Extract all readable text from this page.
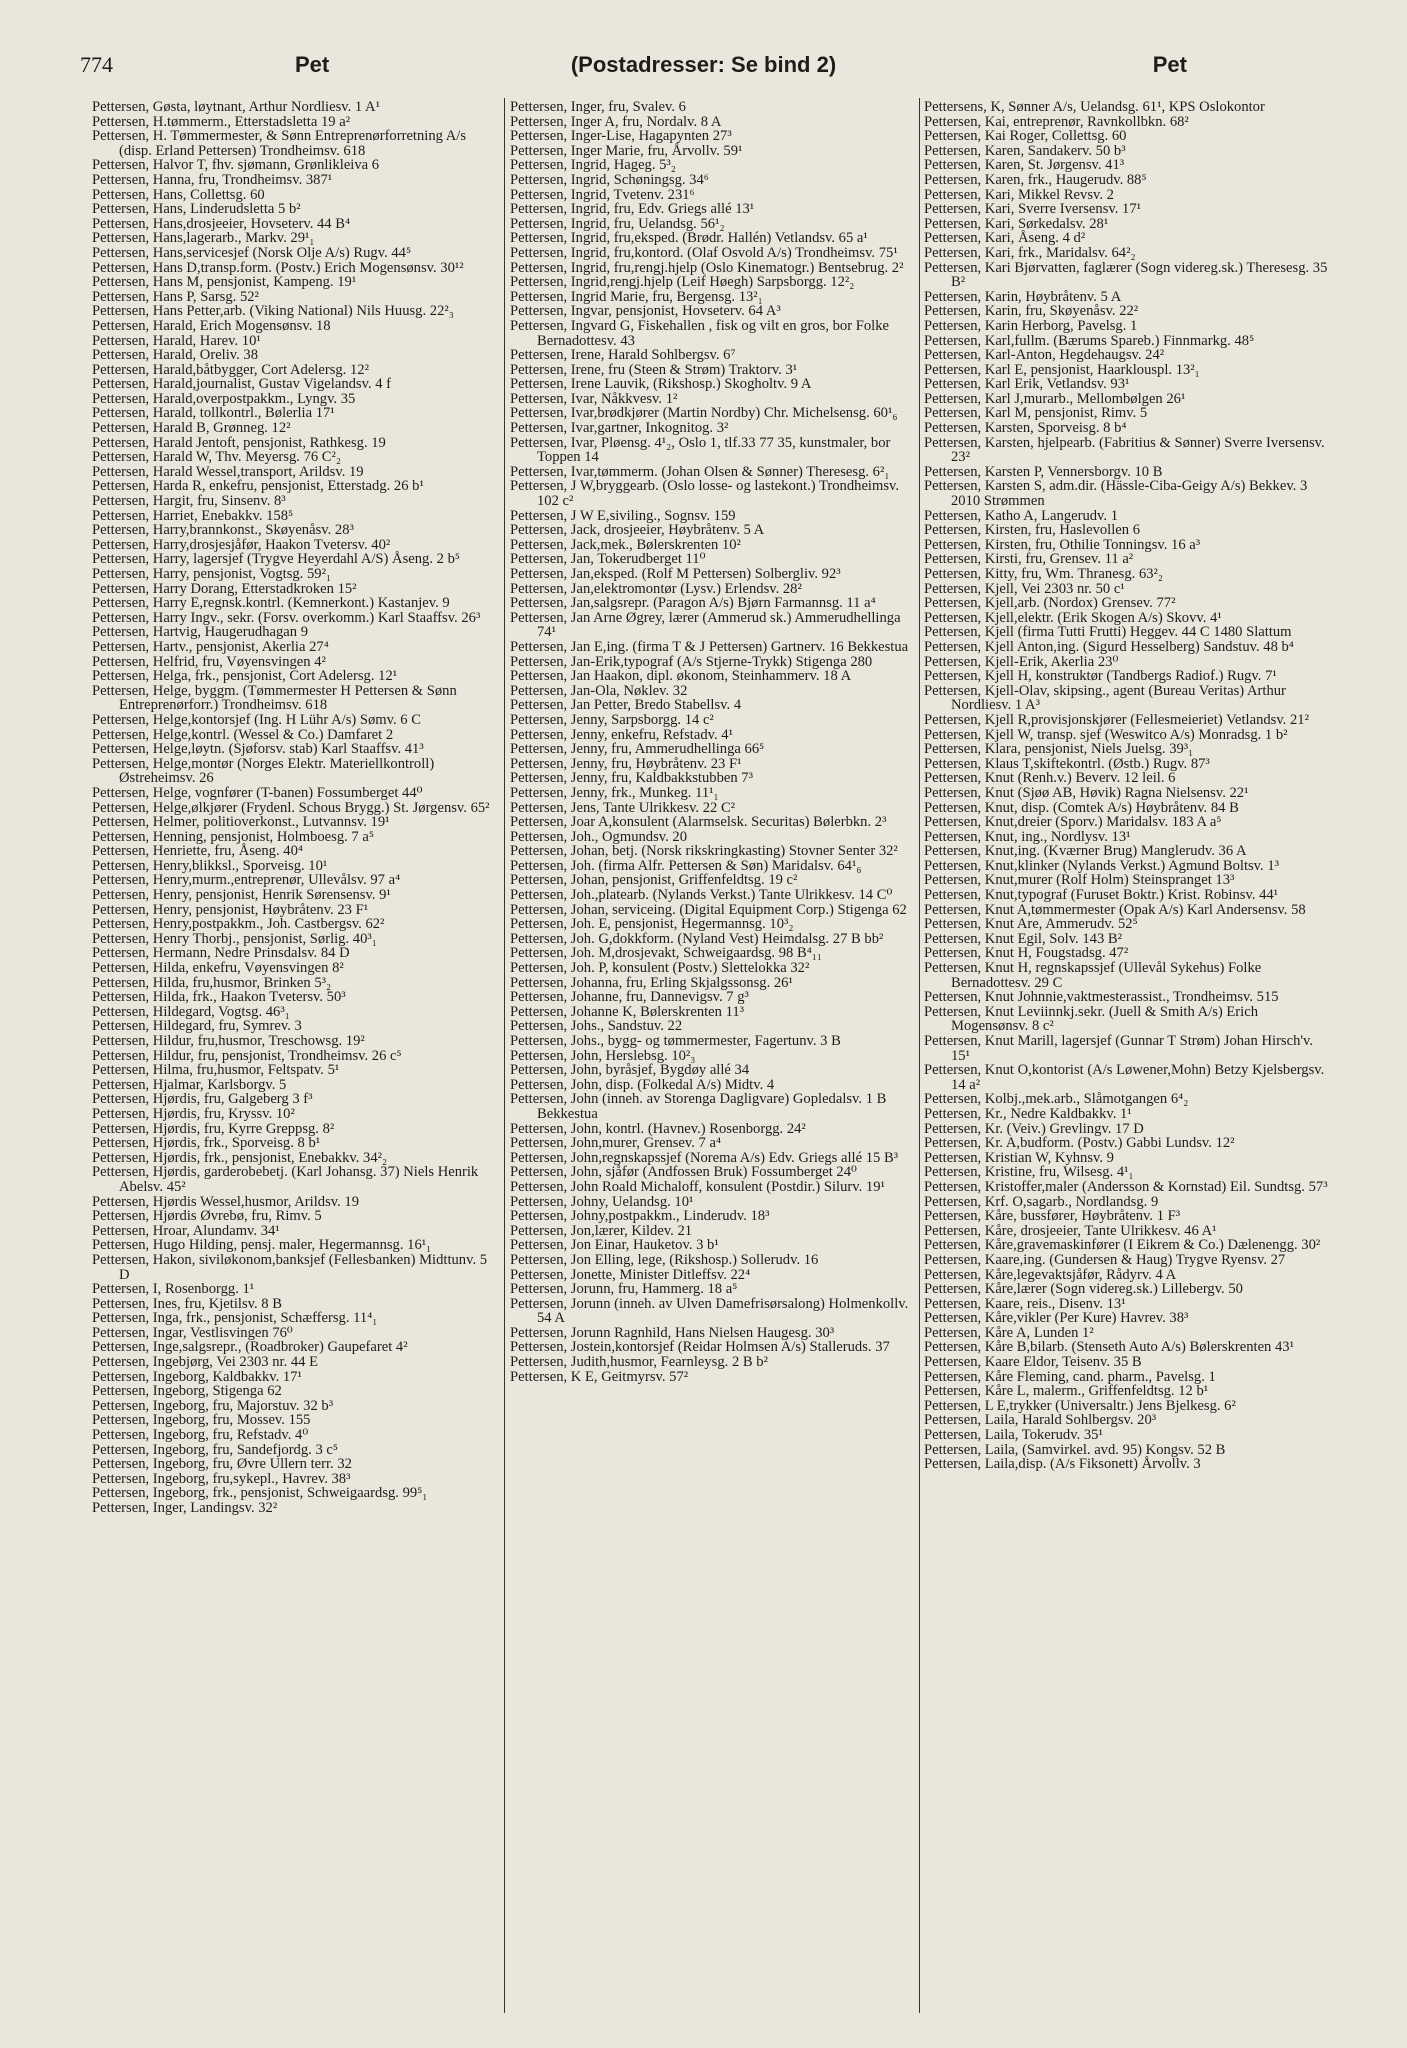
774	Pet	(Postadresser: Se bind 2)	Pet
Pettersen, Gøsta, løytnant, Arthur Nordliesv. 1 A¹
Pettersen, H.tømmerm., Etterstadsletta 19 a²
Pettersen, H. Tømmermester, & Sønn Entreprenørforretning A/s (disp. Erland Pettersen) Trondheimsv. 618
Pettersen, Halvor T, fhv. sjømann, Grønlikleiva 6
Pettersen, Hanna, fru, Trondheimsv. 387¹
Pettersen, Hans, Collettsg. 60
Pettersen, Hans, Linderudsletta 5 b²
Pettersen, Hans,drosjeeier, Hovseterv. 44 B⁴
Pettersen, Hans,lagerarb., Markv. 29¹₁
Pettersen, Hans,servicesjef (Norsk Olje A/s) Rugv. 44⁵
Pettersen, Hans D,transp.form. (Postv.) Erich Mogensønsv. 30¹²
Pettersen, Hans M, pensjonist, Kampeng. 19¹
Pettersen, Hans P, Sarsg. 52²
Pettersen, Hans Petter,arb. (Viking National) Nils Huusg. 22²₃
Pettersen, Harald, Erich Mogensønsv. 18
Pettersen, Harald, Harev. 10¹
Pettersen, Harald, Oreliv. 38
Pettersen, Harald,båtbygger, Cort Adelersg. 12²
Pettersen, Harald,journalist, Gustav Vigelandsv. 4 f
Pettersen, Harald,overpostpakkm., Lyngv. 35
Pettersen, Harald, tollkontrl., Bølerlia 17¹
Pettersen, Harald B, Grønneg. 12²
Pettersen, Harald Jentoft, pensjonist, Rathkesg. 19
Pettersen, Harald W, Thv. Meyersg. 76 C²₂
Pettersen, Harald Wessel,transport, Arildsv. 19
Pettersen, Harda R, enkefru, pensjonist, Etterstadg. 26 b¹
Pettersen, Hargit, fru, Sinsenv. 8³
Pettersen, Harriet, Enebakkv. 158⁵
Pettersen, Harry,brannkonst., Skøyenåsv. 28³
Pettersen, Harry,drosjesjåfør, Haakon Tvetersv. 40²
Pettersen, Harry, lagersjef (Trygve Heyerdahl A/S) Åseng. 2 b⁵
Pettersen, Harry, pensjonist, Vogtsg. 59²₁
Pettersen, Harry Dorang, Etterstadkroken 15²
Pettersen, Harry E,regnsk.kontrl. (Kemnerkont.) Kastanjev. 9
Pettersen, Harry Ingv., sekr. (Forsv. overkomm.) Karl Staaffsv. 26³
Pettersen, Hartvig, Haugerudhagan 9
Pettersen, Hartv., pensjonist, Akerlia 27⁴
Pettersen, Helfrid, fru, Vøyensvingen 4²
Pettersen, Helga, frk., pensjonist, Cort Adelersg. 12¹
Pettersen, Helge, byggm. (Tømmermester H Pettersen & Sønn Entreprenørforr.) Trondheimsv. 618
Pettersen, Helge,kontorsjef (Ing. H Lühr A/s) Sømv. 6 C
Pettersen, Helge,kontrl. (Wessel & Co.) Damfaret 2
Pettersen, Helge,løytn. (Sjøforsv. stab) Karl Staaffsv. 41³
Pettersen, Helge,montør (Norges Elektr. Materiellkontroll) Østreheimsv. 26
Pettersen, Helge, vognfører (T-banen) Fossumberget 44⁰
Pettersen, Helge,ølkjører (Frydenl. Schous Brygg.) St. Jørgensv. 65²
Pettersen, Helmer, politioverkonst., Lutvannsv. 19¹
Pettersen, Henning, pensjonist, Holmboesg. 7 a⁵
Pettersen, Henriette, fru, Åseng. 40⁴
Pettersen, Henry,blikksl., Sporveisg. 10¹
Pettersen, Henry,murm.,entreprenør, Ullevålsv. 97 a⁴
Pettersen, Henry, pensjonist, Henrik Sørensensv. 9¹
Pettersen, Henry, pensjonist, Høybråtenv. 23 F¹
Pettersen, Henry,postpakkm., Joh. Castbergsv. 62²
Pettersen, Henry Thorbj., pensjonist, Sørlig. 40³₁
Pettersen, Hermann, Nedre Prinsdalsv. 84 D
Pettersen, Hilda, enkefru, Vøyensvingen 8²
Pettersen, Hilda, fru,husmor, Brinken 5³₂
Pettersen, Hilda, frk., Haakon Tvetersv. 50³
Pettersen, Hildegard, Vogtsg. 46³₁
Pettersen, Hildegard, fru, Symrev. 3
Pettersen, Hildur, fru,husmor, Treschowsg. 19²
Pettersen, Hildur, fru, pensjonist, Trondheimsv. 26 c⁵
Pettersen, Hilma, fru,husmor, Feltspatv. 5¹
Pettersen, Hjalmar, Karlsborgv. 5
Pettersen, Hjørdis, fru, Galgeberg 3 f³
Pettersen, Hjørdis, fru, Kryssv. 10²
Pettersen, Hjørdis, fru, Kyrre Greppsg. 8²
Pettersen, Hjørdis, frk., Sporveisg. 8 b¹
Pettersen, Hjørdis, frk., pensjonist, Enebakkv. 34²₂
Pettersen, Hjørdis, garderobebetj. (Karl Johansg. 37) Niels Henrik Abelsv. 45²
Pettersen, Hjørdis Wessel,husmor, Arildsv. 19
Pettersen, Hjørdis Øvrebø, fru, Rimv. 5
Pettersen, Hroar, Alundamv. 34¹
Pettersen, Hugo Hilding, pensj. maler, Hegermannsg. 16¹₁
Pettersen, Hakon, siviløkonom,banksjef (Fellesbanken) Midttunv. 5 D
Pettersen, I, Rosenborgg. 1¹
Pettersen, Ines, fru, Kjetilsv. 8 B
Pettersen, Inga, frk., pensjonist, Schæffersg. 11⁴₁
Pettersen, Ingar, Vestlisvingen 76⁰
Pettersen, Inge,salgsrepr., (Roadbroker) Gaupefaret 4²
Pettersen, Ingebjørg, Vei 2303 nr. 44 E
Pettersen, Ingeborg, Kaldbakkv. 17¹
Pettersen, Ingeborg, Stigenga 62
Pettersen, Ingeborg, fru, Majorstuv. 32 b³
Pettersen, Ingeborg, fru, Mossev. 155
Pettersen, Ingeborg, fru, Refstadv. 4⁰
Pettersen, Ingeborg, fru, Sandefjordg. 3 c⁵
Pettersen, Ingeborg, fru, Øvre Ullern terr. 32
Pettersen, Ingeborg, fru,sykepl., Havrev. 38³
Pettersen, Ingeborg, frk., pensjonist, Schweigaardsg. 99⁵₁
Pettersen, Inger, Landingsv. 32²
Pettersen, Inger, fru, Svalev. 6
Pettersen, Inger A, fru, Nordalv. 8 A
Pettersen, Inger-Lise, Hagapynten 27³
Pettersen, Inger Marie, fru, Årvollv. 59¹
Pettersen, Ingrid, Hageg. 5³₂
Pettersen, Ingrid, Schøningsg. 34⁶
Pettersen, Ingrid, Tvetenv. 231⁶
Pettersen, Ingrid, fru, Edv. Griegs allé 13¹
Pettersen, Ingrid, fru, Uelandsg. 56¹₂
Pettersen, Ingrid, fru,eksped. (Brødr. Hallén) Vetlandsv. 65 a¹
Pettersen, Ingrid, fru,kontord. (Olaf Osvold A/s) Trondheimsv. 75¹
Pettersen, Ingrid, fru,rengj.hjelp (Oslo Kinematogr.) Bentsebrug. 2²
Pettersen, Ingrid,rengj.hjelp (Leif Høegh) Sarpsborgg. 12²₂
Pettersen, Ingrid Marie, fru, Bergensg. 13²₁
Pettersen, Ingvar, pensjonist, Hovseterv. 64 A³
Pettersen, Ingvard G, Fiskehallen , fisk og vilt en gros, bor Folke Bernadottesv. 43
Pettersen, Irene, Harald Sohlbergsv. 6⁷
Pettersen, Irene, fru (Steen & Strøm) Traktorv. 3¹
Pettersen, Irene Lauvik, (Rikshosp.) Skogholtv. 9 A
Pettersen, Ivar, Nåkkvesv. 1²
Pettersen, Ivar,brødkjører (Martin Nordby) Chr. Michelsensg. 60¹₆
Pettersen, Ivar,gartner, Inkognitog. 3²
Pettersen, Ivar, Pløensg. 4¹₂, Oslo 1, tlf.33 77 35, kunstmaler, bor Toppen 14
Pettersen, Ivar,tømmerm. (Johan Olsen & Sønner) Theresesg. 6²₁
Pettersen, J W,bryggearb. (Oslo losse- og lastekont.) Trondheimsv. 102 c²
Pettersen, J W E,siviling., Sognsv. 159
Pettersen, Jack, drosjeeier, Høybråtenv. 5 A
Pettersen, Jack,mek., Bølerskrenten 10²
Pettersen, Jan, Tokerudberget 11⁰
Pettersen, Jan,eksped. (Rolf M Pettersen) Solbergliv. 92³
Pettersen, Jan,elektromontør (Lysv.) Erlendsv. 28²
Pettersen, Jan,salgsrepr. (Paragon A/s) Bjørn Farmannsg. 11 a⁴
Pettersen, Jan Arne Øgrey, lærer (Ammerud sk.) Ammerudhellinga 74¹
Pettersen, Jan E,ing. (firma T & J Pettersen) Gartnerv. 16 Bekkestua
Pettersen, Jan-Erik,typograf (A/s Stjerne-Trykk) Stigenga 280
Pettersen, Jan Haakon, dipl. økonom, Steinhammerv. 18 A
Pettersen, Jan-Ola, Nøklev. 32
Pettersen, Jan Petter, Bredo Stabellsv. 4
Pettersen, Jenny, Sarpsborgg. 14 c²
Pettersen, Jenny, enkefru, Refstadv. 4¹
Pettersen, Jenny, fru, Ammerudhellinga 66⁵
Pettersen, Jenny, fru, Høybråtenv. 23 F¹
Pettersen, Jenny, fru, Kaldbakkstubben 7³
Pettersen, Jenny, frk., Munkeg. 11¹₁
Pettersen, Jens, Tante Ulrikkesv. 22 C²
Pettersen, Joar A,konsulent (Alarmselsk. Securitas) Bølerbkn. 2³
Pettersen, Joh., Ogmundsv. 20
Pettersen, Johan, betj. (Norsk rikskringkasting) Stovner Senter 32²
Pettersen, Joh. (firma Alfr. Pettersen & Søn) Maridalsv. 64¹₆
Pettersen, Johan, pensjonist, Griffenfeldtsg. 19 c²
Pettersen, Joh.,platearb. (Nylands Verkst.) Tante Ulrikkesv. 14 C⁰
Pettersen, Johan, serviceing. (Digital Equipment Corp.) Stigenga 62
Pettersen, Joh. E, pensjonist, Hegermannsg. 10³₂
Pettersen, Joh. G,dokkform. (Nyland Vest) Heimdalsg. 27 B bb²
Pettersen, Joh. M,drosjevakt, Schweigaardsg. 98 B⁴₁₁
Pettersen, Joh. P, konsulent (Postv.) Slettelokka 32²
Pettersen, Johanna, fru, Erling Skjalgssonsg. 26¹
Pettersen, Johanne, fru, Dannevigsv. 7 g³
Pettersen, Johanne K, Bølerskrenten 11³
Pettersen, Johs., Sandstuv. 22
Pettersen, Johs., bygg- og tømmermester, Fagertunv. 3 B
Pettersen, John, Herslebsg. 10²₃
Pettersen, John, byråsjef, Bygdøy allé 34
Pettersen, John, disp. (Folkedal A/s) Midtv. 4
Pettersen, John (inneh. av Storenga Dagligvare) Gopledalsv. 1 B Bekkestua
Pettersen, John, kontrl. (Havnev.) Rosenborgg. 24²
Pettersen, John,murer, Grensev. 7 a⁴
Pettersen, John,regnskapssjef (Norema A/s) Edv. Griegs allé 15 B³
Pettersen, John, sjåfør (Andfossen Bruk) Fossumberget 24⁰
Pettersen, John Roald Michaloff, konsulent (Postdir.) Silurv. 19¹
Pettersen, Johny, Uelandsg. 10¹
Pettersen, Johny,postpakkm., Linderudv. 18³
Pettersen, Jon,lærer, Kildev. 21
Pettersen, Jon Einar, Hauketov. 3 b¹
Pettersen, Jon Elling, lege, (Rikshosp.) Sollerudv. 16
Pettersen, Jonette, Minister Ditleffsv. 22⁴
Pettersen, Jorunn, fru, Hammerg. 18 a⁵
Pettersen, Jorunn (inneh. av Ulven Damefrisørsalong) Holmenkollv. 54 A
Pettersen, Jorunn Ragnhild, Hans Nielsen Haugesg. 30³
Pettersen, Jostein,kontorsjef (Reidar Holmsen A/s) Stalleruds. 37
Pettersen, Judith,husmor, Fearnleysg. 2 B b²
Pettersen, K E, Geitmyrsv. 57²
Pettersens, K, Sønner A/s, Uelandsg. 61¹, KPS Oslokontor
Pettersen, Kai, entreprenør, Ravnkollbkn. 68²
Pettersen, Kai Roger, Collettsg. 60
Pettersen, Karen, Sandakerv. 50 b³
Pettersen, Karen, St. Jørgensv. 41³
Pettersen, Karen, frk., Haugerudv. 88⁵
Pettersen, Kari, Mikkel Revsv. 2
Pettersen, Kari, Sverre Iversensv. 17¹
Pettersen, Kari, Sørkedalsv. 28¹
Pettersen, Kari, Åseng. 4 d²
Pettersen, Kari, frk., Maridalsv. 64²₂
Pettersen, Kari Bjørvatten, faglærer (Sogn videreg.sk.) Theresesg. 35 B²
Pettersen, Karin, Høybråtenv. 5 A
Pettersen, Karin, fru, Skøyenåsv. 22²
Pettersen, Karin Herborg, Pavelsg. 1
Pettersen, Karl,fullm. (Bærums Spareb.) Finnmarkg. 48⁵
Pettersen, Karl-Anton, Hegdehaugsv. 24²
Pettersen, Karl E, pensjonist, Haarklouspl. 13²₁
Pettersen, Karl Erik, Vetlandsv. 93¹
Pettersen, Karl J,murarb., Mellombølgen 26¹
Pettersen, Karl M, pensjonist, Rimv. 5
Pettersen, Karsten, Sporveisg. 8 b⁴
Pettersen, Karsten, hjelpearb. (Fabritius & Sønner) Sverre Iversensv. 23²
Pettersen, Karsten P, Vennersborgv. 10 B
Pettersen, Karsten S, adm.dir. (Hässle-Ciba-Geigy A/s) Bekkev. 3 2010 Strømmen
Pettersen, Katho A, Langerudv. 1
Pettersen, Kirsten, fru, Haslevollen 6
Pettersen, Kirsten, fru, Othilie Tonningsv. 16 a³
Pettersen, Kirsti, fru, Grensev. 11 a²
Pettersen, Kitty, fru, Wm. Thranesg. 63²₂
Pettersen, Kjell, Vei 2303 nr. 50 c¹
Pettersen, Kjell,arb. (Nordox) Grensev. 77²
Pettersen, Kjell,elektr. (Erik Skogen A/s) Skovv. 4¹
Pettersen, Kjell (firma Tutti Frutti) Heggev. 44 C 1480 Slattum
Pettersen, Kjell Anton,ing. (Sigurd Hesselberg) Sandstuv. 48 b⁴
Pettersen, Kjell-Erik, Akerlia 23⁰
Pettersen, Kjell H, konstruktør (Tandbergs Radiof.) Rugv. 7¹
Pettersen, Kjell-Olav, skipsing., agent (Bureau Veritas) Arthur Nordliesv. 1 A³
Pettersen, Kjell R,provisjonskjører (Fellesmeieriet) Vetlandsv. 21²
Pettersen, Kjell W, transp. sjef (Weswitco A/s) Monradsg. 1 b²
Pettersen, Klara, pensjonist, Niels Juelsg. 39³₁
Pettersen, Klaus T,skiftekontrl. (Østb.) Rugv. 87³
Pettersen, Knut (Renh.v.) Beverv. 12 leil. 6
Pettersen, Knut (Sjøø AB, Høvik) Ragna Nielsensv. 22¹
Pettersen, Knut, disp. (Comtek A/s) Høybråtenv. 84 B
Pettersen, Knut,dreier (Sporv.) Maridalsv. 183 A a⁵
Pettersen, Knut, ing., Nordlysv. 13¹
Pettersen, Knut,ing. (Kværner Brug) Manglerudv. 36 A
Pettersen, Knut,klinker (Nylands Verkst.) Agmund Boltsv. 1³
Pettersen, Knut,murer (Rolf Holm) Steinspranget 13³
Pettersen, Knut,typograf (Furuset Boktr.) Krist. Robinsv. 44¹
Pettersen, Knut A,tømmermester (Opak A/s) Karl Andersensv. 58
Pettersen, Knut Are, Ammerudv. 52⁵
Pettersen, Knut Egil, Solv. 143 B²
Pettersen, Knut H, Fougstadsg. 47²
Pettersen, Knut H, regnskapssjef (Ullevål Sykehus) Folke Bernadottesv. 29 C
Pettersen, Knut Johnnie,vaktmesterassist., Trondheimsv. 515
Pettersen, Knut Leviinnkj.sekr. (Juell & Smith A/s) Erich Mogensønsv. 8 c²
Pettersen, Knut Marill, lagersjef (Gunnar T Strøm) Johan Hirsch'v. 15¹
Pettersen, Knut O,kontorist (A/s Løwener,Mohn) Betzy Kjelsbergsv. 14 a²
Pettersen, Kolbj.,mek.arb., Slåmotgangen 6⁴₂
Pettersen, Kr., Nedre Kaldbakkv. 1¹
Pettersen, Kr. (Veiv.) Grevlingv. 17 D
Pettersen, Kr. A,budform. (Postv.) Gabbi Lundsv. 12²
Pettersen, Kristian W, Kyhnsv. 9
Pettersen, Kristine, fru, Wilsesg. 4¹₁
Pettersen, Kristoffer,maler (Andersson & Kornstad) Eil. Sundtsg. 57³
Pettersen, Krf. O,sagarb., Nordlandsg. 9
Pettersen, Kåre, bussfører, Høybråtenv. 1 F³
Pettersen, Kåre, drosjeeier, Tante Ulrikkesv. 46 A¹
Pettersen, Kåre,gravemaskinfører (I Eikrem & Co.) Dælenengg. 30²
Pettersen, Kaare,ing. (Gundersen & Haug) Trygve Ryensv. 27
Pettersen, Kåre,legevaktsjåfør, Rådyrv. 4 A
Pettersen, Kåre,lærer (Sogn videreg.sk.) Lillebergv. 50
Pettersen, Kaare, reis., Disenv. 13¹
Pettersen, Kåre,vikler (Per Kure) Havrev. 38³
Pettersen, Kåre A, Lunden 1²
Pettersen, Kåre B,bilarb. (Stenseth Auto A/s) Bølerskrenten 43¹
Pettersen, Kaare Eldor, Teisenv. 35 B
Pettersen, Kåre Fleming, cand. pharm., Pavelsg. 1
Pettersen, Kåre L, malerm., Griffenfeldtsg. 12 b¹
Pettersen, L E,trykker (Universaltr.) Jens Bjelkesg. 6²
Pettersen, Laila, Harald Sohlbergsv. 20³
Pettersen, Laila, Tokerudv. 35¹
Pettersen, Laila, (Samvirkel. avd. 95) Kongsv. 52 B
Pettersen, Laila,disp. (A/s Fiksonett) Årvollv. 3
